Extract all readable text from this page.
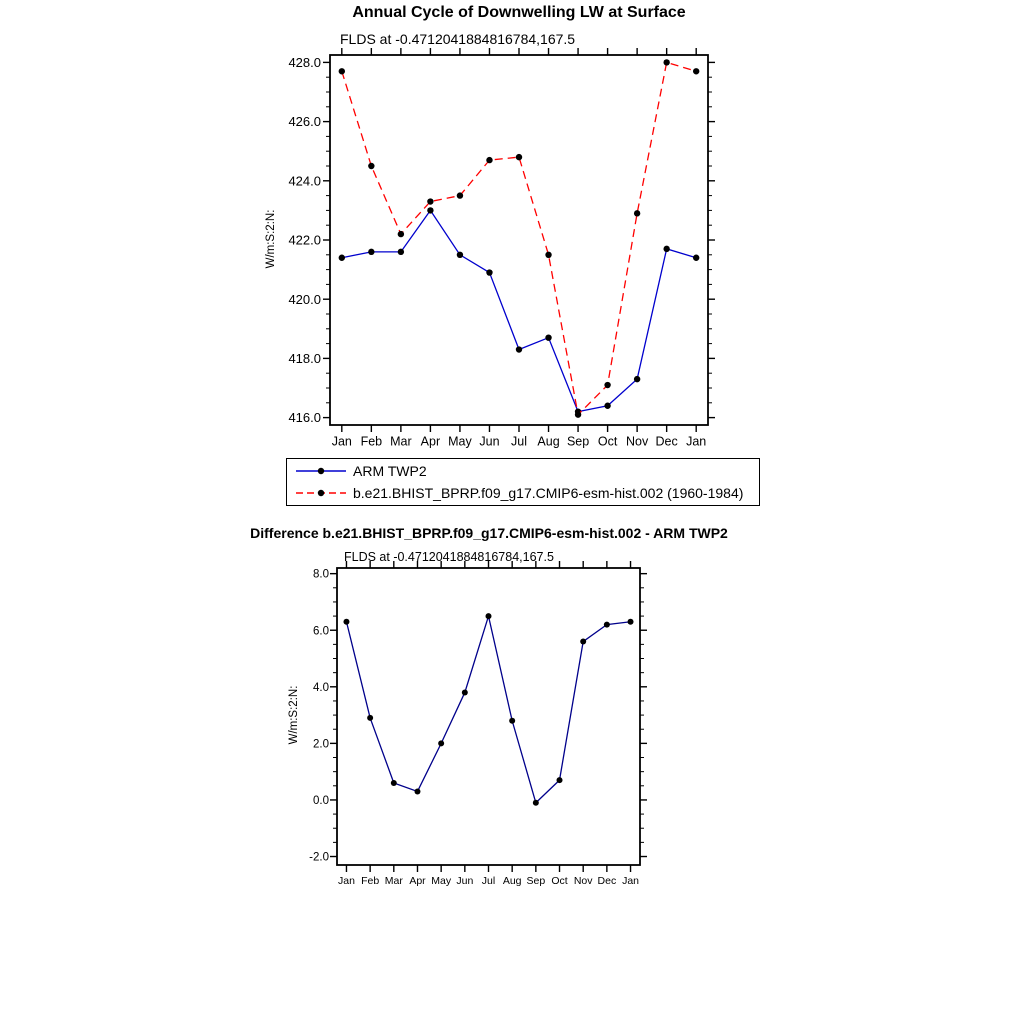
416.0
418.0
420.0
422.0
424.0
426.0
428.0
Jan Feb Mar Apr May Jun Jul Aug Sep Oct Nov Dec Jan
-2.0
0.0
2.0
4.0
6.0
8.0
Jan Feb Mar Apr May Jun Jul Aug Sep Oct Nov Dec Jan
Annual Cycle of Downwelling LW at Surface
FLDS at -0.4712041884816784,167.5
W/m:S:2:N:
ARM TWP2
b.e21.BHIST_BPRP.f09_g17.CMIP6-esm-hist.002 (1960-1984)
Difference b.e21.BHIST_BPRP.f09_g17.CMIP6-esm-hist.002 - ARM TWP2
FLDS at -0.4712041884816784,167.5
W/m:S:2:N:
